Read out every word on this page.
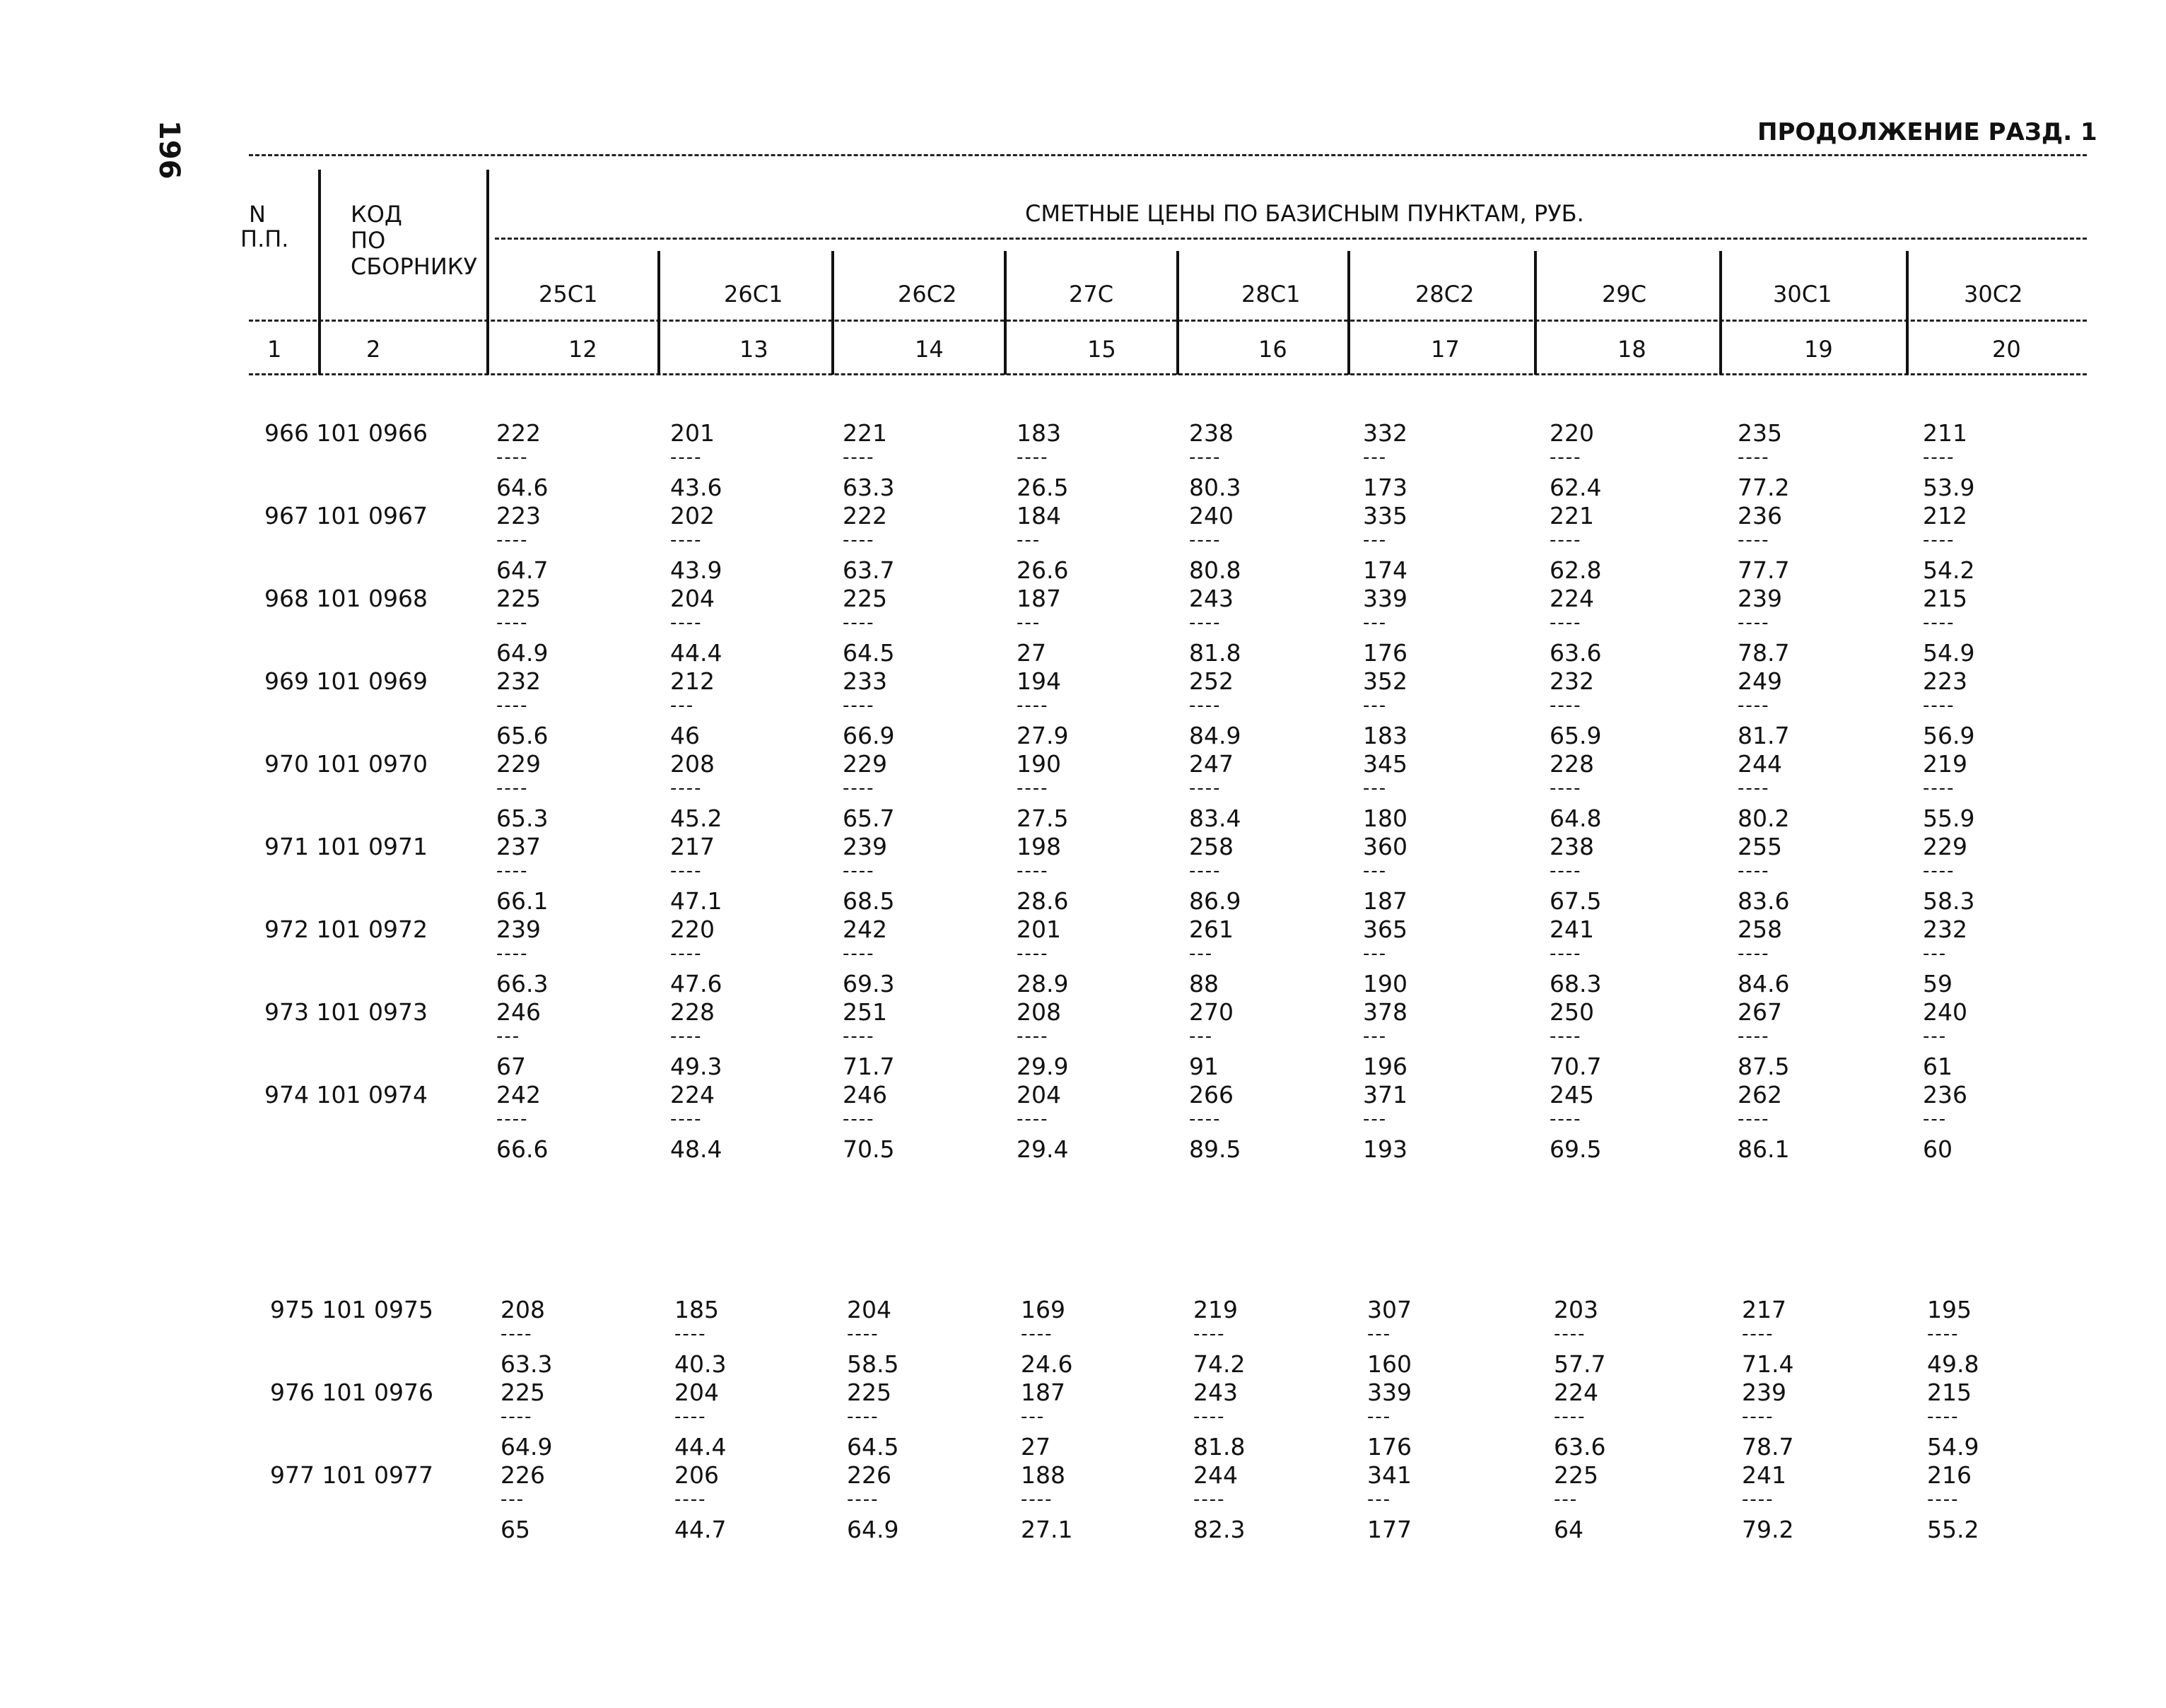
196	ПРОДОЛЖЕНИЕ РАЗД. 1
N
П.П.
КОД
ПО
СБОРНИКУ
СМЕТНЫЕ ЦЕНЫ ПО БАЗИСНЫМ ПУНКТАМ, РУБ.
25С1	26С1	26С2	27С	28С1	28С2	29С	30С1	30С2
1	2	12	13	14	15	16	17	18	19	20
966 101 0966	222	201	221	183	238	332	220	235	211
----	----	----	----	----	---	----	----	----
64.6	43.6	63.3	26.5	80.3	173	62.4	77.2	53.9
967 101 0967	223	202	222	184	240	335	221	236	212
----	----	----	---	----	---	----	----	----
64.7	43.9	63.7	26.6	80.8	174	62.8	77.7	54.2
968 101 0968	225	204	225	187	243	339	224	239	215
----	----	----	---	----	---	----	----	----
64.9	44.4	64.5	27	81.8	176	63.6	78.7	54.9
969 101 0969	232	212	233	194	252	352	232	249	223
----	---	----	----	----	---	----	----	----
65.6	46	66.9	27.9	84.9	183	65.9	81.7	56.9
970 101 0970	229	208	229	190	247	345	228	244	219
----	----	----	----	----	---	----	----	----
65.3	45.2	65.7	27.5	83.4	180	64.8	80.2	55.9
971 101 0971	237	217	239	198	258	360	238	255	229
----	----	----	----	----	---	----	----	----
66.1	47.1	68.5	28.6	86.9	187	67.5	83.6	58.3
972 101 0972	239	220	242	201	261	365	241	258	232
----	----	----	----	---	---	----	----	---
66.3	47.6	69.3	28.9	88	190	68.3	84.6	59
973 101 0973	246	228	251	208	270	378	250	267	240
---	----	----	----	---	---	----	----	---
67	49.3	71.7	29.9	91	196	70.7	87.5	61
974 101 0974	242	224	246	204	266	371	245	262	236
----	----	----	----	----	---	----	----	---
66.6	48.4	70.5	29.4	89.5	193	69.5	86.1	60
975 101 0975	208	185	204	169	219	307	203	217	195
----	----	----	----	----	---	----	----	----
63.3	40.3	58.5	24.6	74.2	160	57.7	71.4	49.8
976 101 0976	225	204	225	187	243	339	224	239	215
----	----	----	---	----	---	----	----	----
64.9	44.4	64.5	27	81.8	176	63.6	78.7	54.9
977 101 0977	226	206	226	188	244	341	225	241	216
---	----	----	----	----	---	---	----	----
65	44.7	64.9	27.1	82.3	177	64	79.2	55.2
